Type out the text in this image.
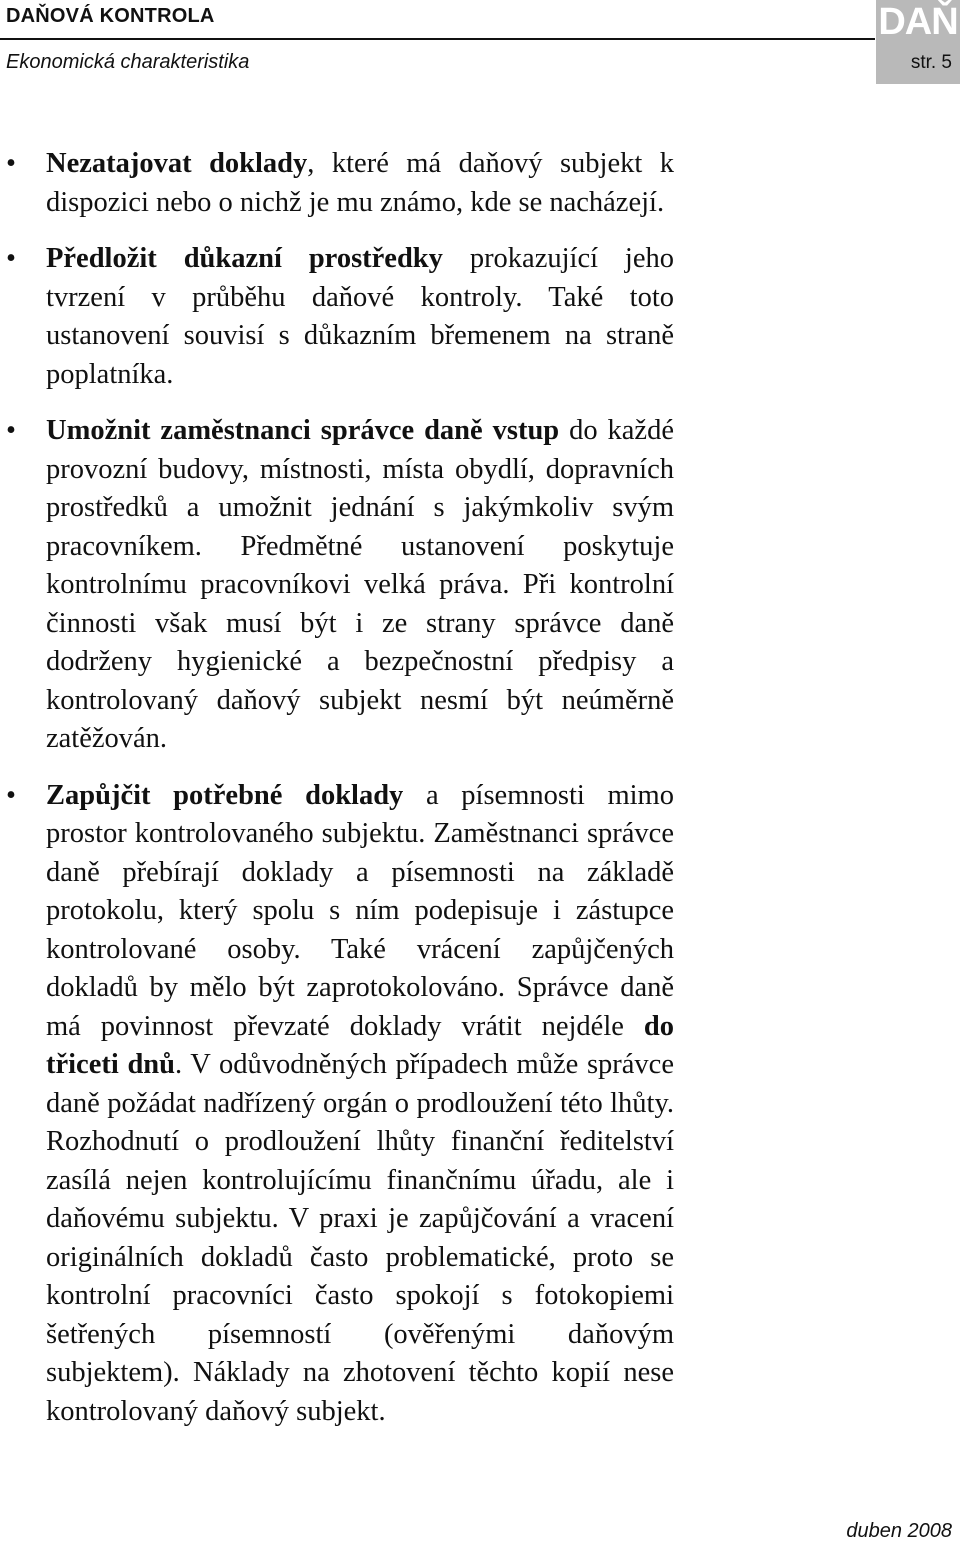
DAŇOVÁ KONTROLA
Ekonomická charakteristika
DAŇ
str. 5

• Nezatajovat doklady, které má daňový subjekt k dispozici nebo o nichž je mu známo, kde se nacházejí.

• Předložit důkazní prostředky prokazující jeho tvrzení v průběhu daňové kontroly. Také toto ustanovení souvisí s důkazním břemenem na straně poplatníka.

• Umožnit zaměstnanci správce daně vstup do každé provozní budovy, místnosti, místa obydlí, dopravních prostředků a umožnit jednání s jakýmkoliv svým pracovníkem. Předmětné ustanovení poskytuje kontrolnímu pracovníkovi velká práva. Při kontrolní činnosti však musí být i ze strany správce daně dodrženy hygienické a bezpečnostní předpisy a kontrolovaný daňový subjekt nesmí být neúměrně zatěžován.

• Zapůjčit potřebné doklady a písemnosti mimo prostor kontrolovaného subjektu. Zaměstnanci správce daně přebírají doklady a písemnosti na základě protokolu, který spolu s ním podepisuje i zástupce kontrolované osoby. Také vrácení zapůjčených dokladů by mělo být zaprotokolováno. Správce daně má povinnost převzaté doklady vrátit nejdéle do třiceti dnů. V odůvodněných případech může správce daně požádat nadřízený orgán o prodloužení této lhůty. Rozhodnutí o prodloužení lhůty finanční ředitelství zasílá nejen kontrolujícímu finančnímu úřadu, ale i daňovému subjektu. V praxi je zapůjčování a vracení originálních dokladů často problematické, proto se kontrolní pracovníci často spokojí s fotokopiemi šetřených písemností (ověřenými daňovým subjektem). Náklady na zhotovení těchto kopií nese kontrolovaný daňový subjekt.

duben 2008
